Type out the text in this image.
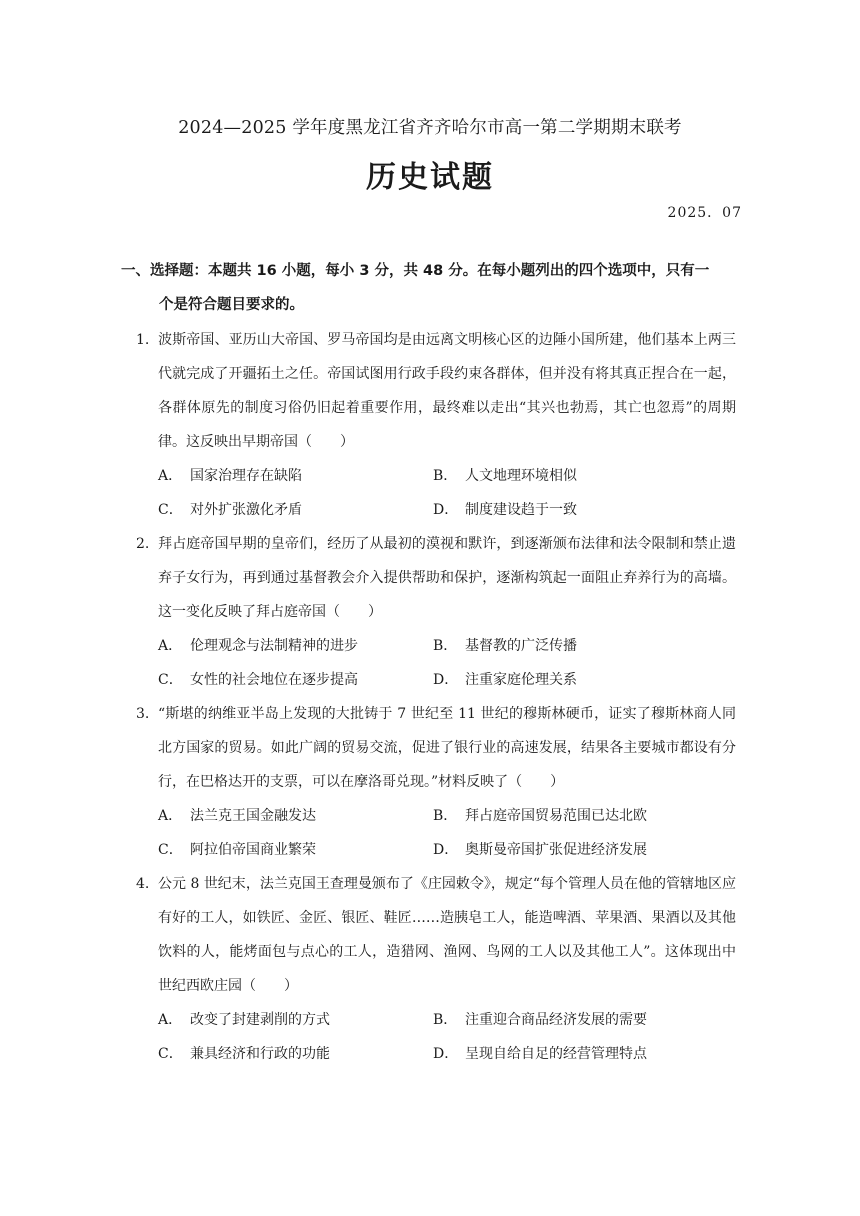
2024—2025 学年度黑龙江省齐齐哈尔市高一第二学期期末联考
历史试题
2025．07
一、选择题：本题共 16 小题，每小 3 分，共 48 分。在每小题列出的四个选项中，只有一
个是符合题目要求的。
1. 波斯帝国、亚历山大帝国、罗马帝国均是由远离文明核心区的边陲小国所建，他们基本上两三代就完成了开疆拓土之任。帝国试图用行政手段约束各群体，但并没有将其真正捏合在一起，各群体原先的制度习俗仍旧起着重要作用，最终难以走出“其兴也勃焉，其亡也忽焉”的周期律。这反映出早期帝国（　　）
A． 国家治理存在缺陷	B． 人文地理环境相似
C． 对外扩张激化矛盾	D． 制度建设趋于一致
2. 拜占庭帝国早期的皇帝们，经历了从最初的漠视和默许，到逐渐颁布法律和法令限制和禁止遗弃子女行为，再到通过基督教会介入提供帮助和保护，逐渐构筑起一面阻止弃养行为的高墙。这一变化反映了拜占庭帝国（　　）
A． 伦理观念与法制精神的进步	B． 基督教的广泛传播
C． 女性的社会地位在逐步提高	D． 注重家庭伦理关系
3. “斯堪的纳维亚半岛上发现的大批铸于 7 世纪至 11 世纪的穆斯林硬币，证实了穆斯林商人同北方国家的贸易。如此广阔的贸易交流，促进了银行业的高速发展，结果各主要城市都设有分行，在巴格达开的支票，可以在摩洛哥兑现。”材料反映了（　　）
A． 法兰克王国金融发达	B． 拜占庭帝国贸易范围已达北欧
C． 阿拉伯帝国商业繁荣	D． 奥斯曼帝国扩张促进经济发展
4. 公元 8 世纪末，法兰克国王查理曼颁布了《庄园敕令》，规定“每个管理人员在他的管辖地区应有好的工人，如铁匠、金匠、银匠、鞋匠……造胰皂工人，能造啤酒、苹果酒、果酒以及其他饮料的人，能烤面包与点心的工人，造猎网、渔网、鸟网的工人以及其他工人”。这体现出中世纪西欧庄园（　　）
A． 改变了封建剥削的方式	B． 注重迎合商品经济发展的需要
C． 兼具经济和行政的功能	D． 呈现自给自足的经营管理特点
